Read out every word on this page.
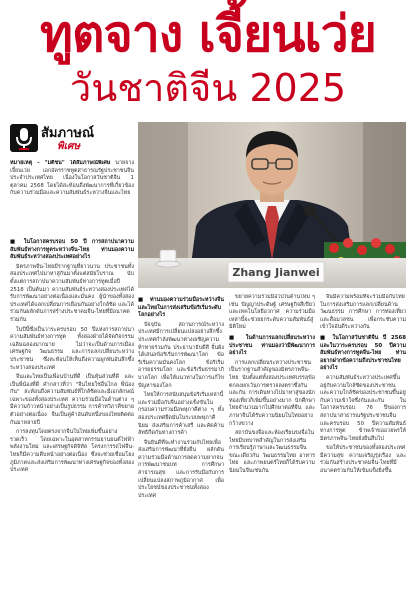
ทูตจาง เจี้ยนเว่ย
วันชาติจีน 2025
สัมภาษณ์
พิเศษ
หมายเหตุ - "มติชน" ได้สัมภาษณ์พิเศษ นายจาง เจี้ยนเว่ย เอกอัครราชทูตสาธารณรัฐประชาชนจีนประจำประเทศไทย เนื่องในโอกาสวันชาติจีน 1 ตุลาคม 2568 โดยได้สะท้อนถึงพัฒนาการที่เกี่ยวข้องกับความร่วมมือและความสัมพันธ์ระหว่างจีนและไทย
Zhang Jianwei

■ ในโอกาสครบรอบ 50 ปี การสถาปนาความสัมพันธ์ทางการทูตระหว่างจีน-ไทย ท่านมองความสัมพันธ์ระหว่างสองประเทศอย่างไร

มิตรภาพจีน-ไทยมีรากฐานที่ยาวนาน ประชาชนทั้งสองประเทศไปมาหาสู่กันมาตั้งแต่สมัยโบราณ นับตั้งแต่การสถาปนาความสัมพันธ์ทางการทูตเมื่อปี 2518 เป็นต้นมา ความสัมพันธ์ระหว่างสองประเทศได้รับการพัฒนาอย่างต่อเนื่องและมั่นคง ผู้นำของทั้งสองประเทศได้แลกเปลี่ยนการเยือนกันอย่างใกล้ชิด และได้ร่วมกันผลักดันการสร้างประชาคมจีน-ไทยที่มีอนาคตร่วมกัน

ในปีนี้ซึ่งเป็นวาระครบรอบ 50 ปีแห่งการสถาปนาความสัมพันธ์ทางการทูต ทั้งสองฝ่ายได้จัดกิจกรรมเฉลิมฉลองมากมาย ไม่ว่าจะเป็นด้านการเมือง เศรษฐกิจ วัฒนธรรม และการแลกเปลี่ยนระหว่างประชาชน ซึ่งสะท้อนให้เห็นถึงความผูกพันอันลึกซึ้งระหว่างสองประเทศ

จีนและไทยเป็นเพื่อนบ้านที่ดี เป็นหุ้นส่วนที่ดี และเป็นพี่น้องที่ดี คำกล่าวที่ว่า "จีนไทยใช่อื่นไกล พี่น้องกัน" สะท้อนถึงความสัมพันธ์ที่ใกล้ชิดและมีเอกลักษณ์เฉพาะของทั้งสองประเทศ ความร่วมมือในด้านต่าง ๆ มีความก้าวหน้าอย่างเป็นรูปธรรม การค้าทวิภาคีขยายตัวอย่างต่อเนื่อง จีนเป็นคู่ค้าอันดับหนึ่งของไทยติดต่อกันมาหลายปี

การลงทุนโดยตรงจากจีนในไทยเพิ่มขึ้นอย่างรวดเร็ว โดยเฉพาะในอุตสาหกรรมยานยนต์ไฟฟ้า พลังงานใหม่ และเศรษฐกิจดิจิทัล โครงการรถไฟจีน-ไทยก็มีความคืบหน้าอย่างต่อเนื่อง ซึ่งจะช่วยเชื่อมโยงภูมิภาคและส่งเสริมการพัฒนาทางเศรษฐกิจของทั้งสองประเทศ

■ ท่านมองความร่วมมือระหว่างจีนและไทยในการส่งเสริมข้อริเริ่มระดับโลกอย่างไร

ปัจจุบัน สถานการณ์ระหว่างประเทศมีการเปลี่ยนแปลงอย่างลึกซึ้ง ประเทศกำลังพัฒนาต่างเผชิญความท้าทายร่วมกัน ประธานาธิบดีสี จิ้นผิง ได้เสนอข้อริเริ่มการพัฒนาโลก ข้อริเริ่มความมั่นคงโลก ข้อริเริ่มอารยธรรมโลก และข้อริเริ่มธรรมาภิบาลโลก เพื่อให้แนวทางในการแก้ไขปัญหาของโลก

ไทยให้การสนับสนุนข้อริเริ่มเหล่านี้ และร่วมมือกับจีนอย่างแข็งขันในกรอบความร่วมมือพหุภาคีต่าง ๆ ทั้งสองประเทศยึดมั่นในระบบพหุภาคีนิยม ส่งเสริมการค้าเสรี และคัดค้านลัทธิกีดกันทางการค้า

จีนยินดีที่จะทำงานร่วมกับไทยเพื่อส่งเสริมการพัฒนาที่ยั่งยืน ผลักดันความร่วมมือด้านการลดความยากจน การพัฒนาชนบท การศึกษา สาธารณสุข และการรับมือกับการเปลี่ยนแปลงสภาพภูมิอากาศ เพื่อประโยชน์ของประชาชนทั้งสองประเทศ

ขยายความร่วมมือไปในด้านใหม่ ๆ เช่น ปัญญาประดิษฐ์ เศรษฐกิจสีเขียว และเทคโนโลยีอวกาศ ความร่วมมือเหล่านี้จะช่วยยกระดับความสัมพันธ์สู่มิติใหม่

■ ในด้านการแลกเปลี่ยนระหว่างประชาชน ท่านมองว่ามีพัฒนาการอย่างไร

การแลกเปลี่ยนระหว่างประชาชนเป็นรากฐานสำคัญของมิตรภาพจีน-ไทย นับตั้งแต่ทั้งสองประเทศบรรลุข้อตกลงยกเว้นการตรวจลงตราซึ่งกันและกัน การเดินทางไปมาหาสู่ของนักท่องเที่ยวก็เพิ่มขึ้นอย่างมาก นักศึกษาไทยจำนวนมากไปศึกษาต่อที่จีน และภาษาจีนได้รับความนิยมในไทยอย่างกว้างขวาง

สถาบันขงจื่อและห้องเรียนขงจื่อในไทยมีบทบาทสำคัญในการส่งเสริมการเรียนรู้ภาษาและวัฒนธรรมจีน ขณะเดียวกัน วัฒนธรรมไทย อาหารไทย และภาพยนตร์ไทยก็ได้รับความนิยมในจีนเช่นกัน

จีนมีความพร้อมที่จะร่วมมือกับไทยในการส่งเสริมการแลกเปลี่ยนด้านวัฒนธรรม การศึกษา การท่องเที่ยว และสื่อมวลชน เพื่อกระชับความเข้าใจอันดีระหว่างกัน

■ ในโอกาสวันชาติจีน ปี 2568 และในวาระครบรอบ 50 ปีความสัมพันธ์ทางการทูตจีน-ไทย ท่านอยากฝากข้อความถึงประชาชนไทยอย่างไร

ความสัมพันธ์ระหว่างประเทศขึ้นอยู่กับความใกล้ชิดของประชาชน และความใกล้ชิดของประชาชนขึ้นอยู่กับความเข้าใจซึ่งกันและกัน ในโอกาสครบรอบ 76 ปีของการสถาปนาสาธารณรัฐประชาชนจีน และครบรอบ 50 ปีความสัมพันธ์ทางการทูต ข้าพเจ้าขออวยพรให้มิตรภาพจีน-ไทยยั่งยืนสืบไป

ขอให้ประชาชนของทั้งสองประเทศมีความสุข ความเจริญรุ่งเรือง และร่วมกันสร้างประชาคมจีน-ไทยที่มีอนาคตร่วมกันให้เข้มแข็งยิ่งขึ้น
